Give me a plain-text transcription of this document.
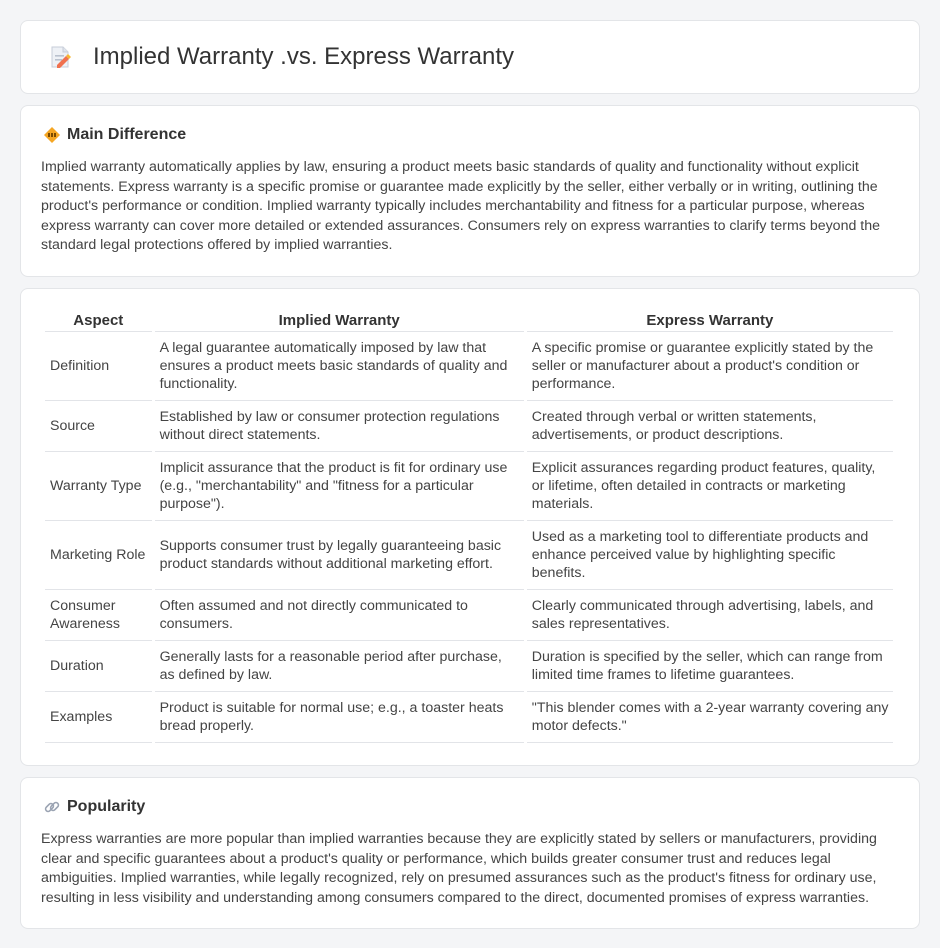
Implied Warranty .vs. Express Warranty
Main Difference

Implied warranty automatically applies by law, ensuring a product meets basic standards of quality and functionality without explicit statements. Express warranty is a specific promise or guarantee made explicitly by the seller, either verbally or in writing, outlining the product's performance or condition. Implied warranty typically includes merchantability and fitness for a particular purpose, whereas express warranty can cover more detailed or extended assurances. Consumers rely on express warranties to clarify terms beyond the standard legal protections offered by implied warranties.

Aspect	Implied Warranty	Express Warranty
Definition	A legal guarantee automatically imposed by law that ensures a product meets basic standards of quality and functionality.	A specific promise or guarantee explicitly stated by the seller or manufacturer about a product's condition or performance.
Source	Established by law or consumer protection regulations without direct statements.	Created through verbal or written statements, advertisements, or product descriptions.
Warranty Type	Implicit assurance that the product is fit for ordinary use (e.g., "merchantability" and "fitness for a particular purpose").	Explicit assurances regarding product features, quality, or lifetime, often detailed in contracts or marketing materials.
Marketing Role	Supports consumer trust by legally guaranteeing basic product standards without additional marketing effort.	Used as a marketing tool to differentiate products and enhance perceived value by highlighting specific benefits.
Consumer Awareness	Often assumed and not directly communicated to consumers.	Clearly communicated through advertising, labels, and sales representatives.
Duration	Generally lasts for a reasonable period after purchase, as defined by law.	Duration is specified by the seller, which can range from limited time frames to lifetime guarantees.
Examples	Product is suitable for normal use; e.g., a toaster heats bread properly.	"This blender comes with a 2-year warranty covering any motor defects."
Popularity

Express warranties are more popular than implied warranties because they are explicitly stated by sellers or manufacturers, providing clear and specific guarantees about a product's quality or performance, which builds greater consumer trust and reduces legal ambiguities. Implied warranties, while legally recognized, rely on presumed assurances such as the product's fitness for ordinary use, resulting in less visibility and understanding among consumers compared to the direct, documented promises of express warranties.
